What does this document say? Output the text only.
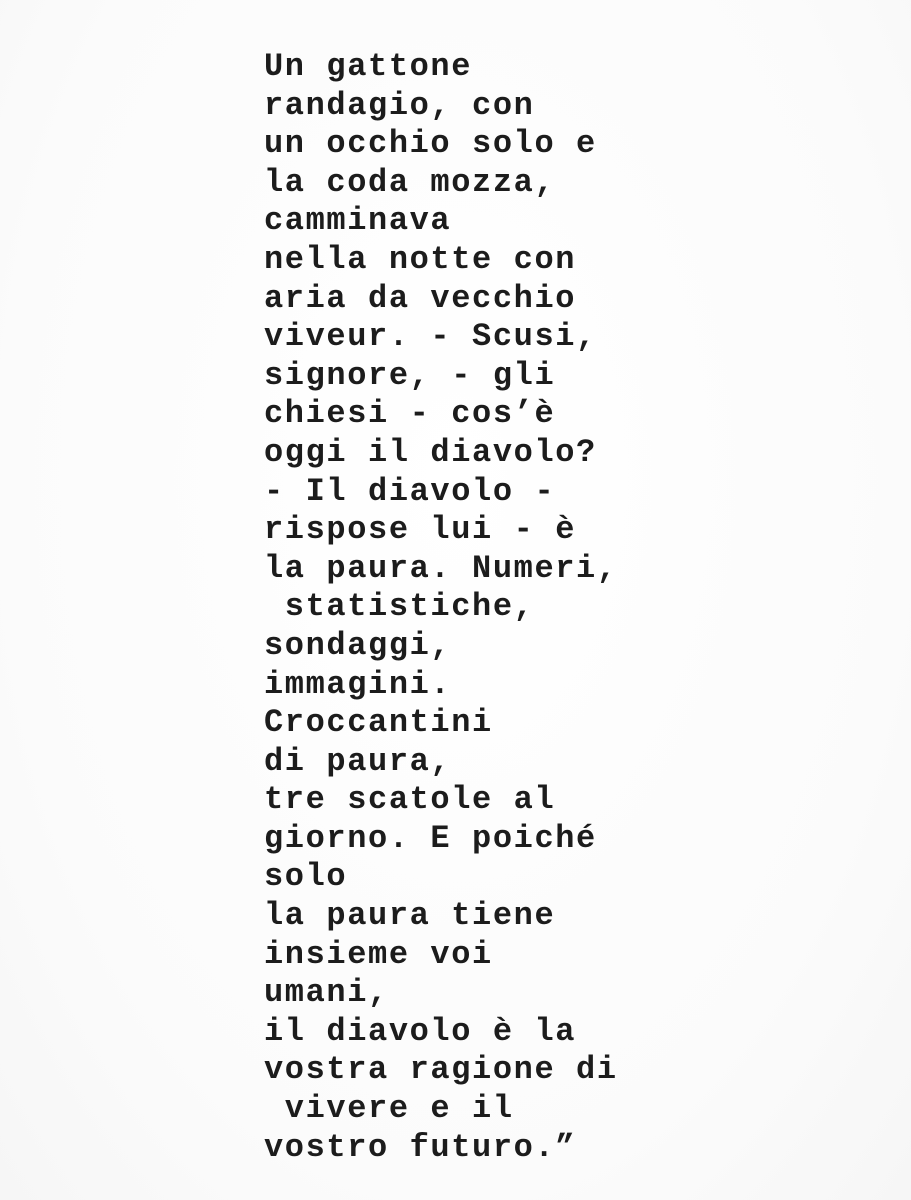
Un gattone
randagio, con
un occhio solo e
la coda mozza,
camminava
nella notte con
aria da vecchio
viveur. - Scusi,
signore, - gli
chiesi - cos’è
oggi il diavolo?
- Il diavolo -
rispose lui - è
la paura. Numeri,
statistiche,
sondaggi,
immagini.
Croccantini
di paura,
tre scatole al
giorno. E poiché
solo
la paura tiene
insieme voi
umani,
il diavolo è la
vostra ragione di
vivere e il
vostro futuro.”
